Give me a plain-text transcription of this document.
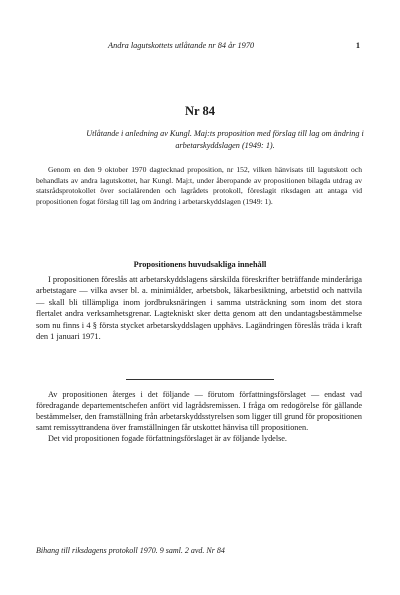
Andra lagutskottets utlåtande nr 84 år 1970	1
Nr 84
Utlåtande i anledning av Kungl. Maj:ts proposition med förslag till lag om ändring i arbetarskyddslagen (1949: 1).
Genom en den 9 oktober 1970 dagtecknad proposition, nr 152, vilken hänvisats till lagutskott och behandlats av andra lagutskottet, har Kungl. Maj:t, under åberopande av propositionen bilagda utdrag av statsrådsprotokollet över socialärenden och lagrådets protokoll, föreslagit riksdagen att antaga vid propositionen fogat förslag till lag om ändring i arbetarskyddslagen (1949: 1).
Propositionens huvudsakliga innehåll
I propositionen föreslås att arbetarskyddslagens särskilda föreskrifter beträffande minderåriga arbetstagare — vilka avser bl. a. minimiålder, arbetsbok, läkarbesiktning, arbetstid och nattvila — skall bli tillämpliga inom jordbruksnäringen i samma utsträckning som inom det stora flertalet andra verksamhetsgrenar. Lagtekniskt sker detta genom att den undantagsbestämmelse som nu finns i 4 § första stycket arbetarskyddslagen upphävs. Lagändringen föreslås träda i kraft den 1 januari 1971.

Av propositionen återges i det följande — förutom författningsförslaget — endast vad föredragande departementschefen anfört vid lagrådsremissen. I fråga om redogörelse för gällande bestämmelser, den framställning från arbetarskyddsstyrelsen som ligger till grund för propositionen samt remissyttrandena över framställningen får utskottet hänvisa till propositionen.

Det vid propositionen fogade författningsförslaget är av följande lydelse.

Bihang till riksdagens protokoll 1970. 9 saml. 2 avd. Nr 84
